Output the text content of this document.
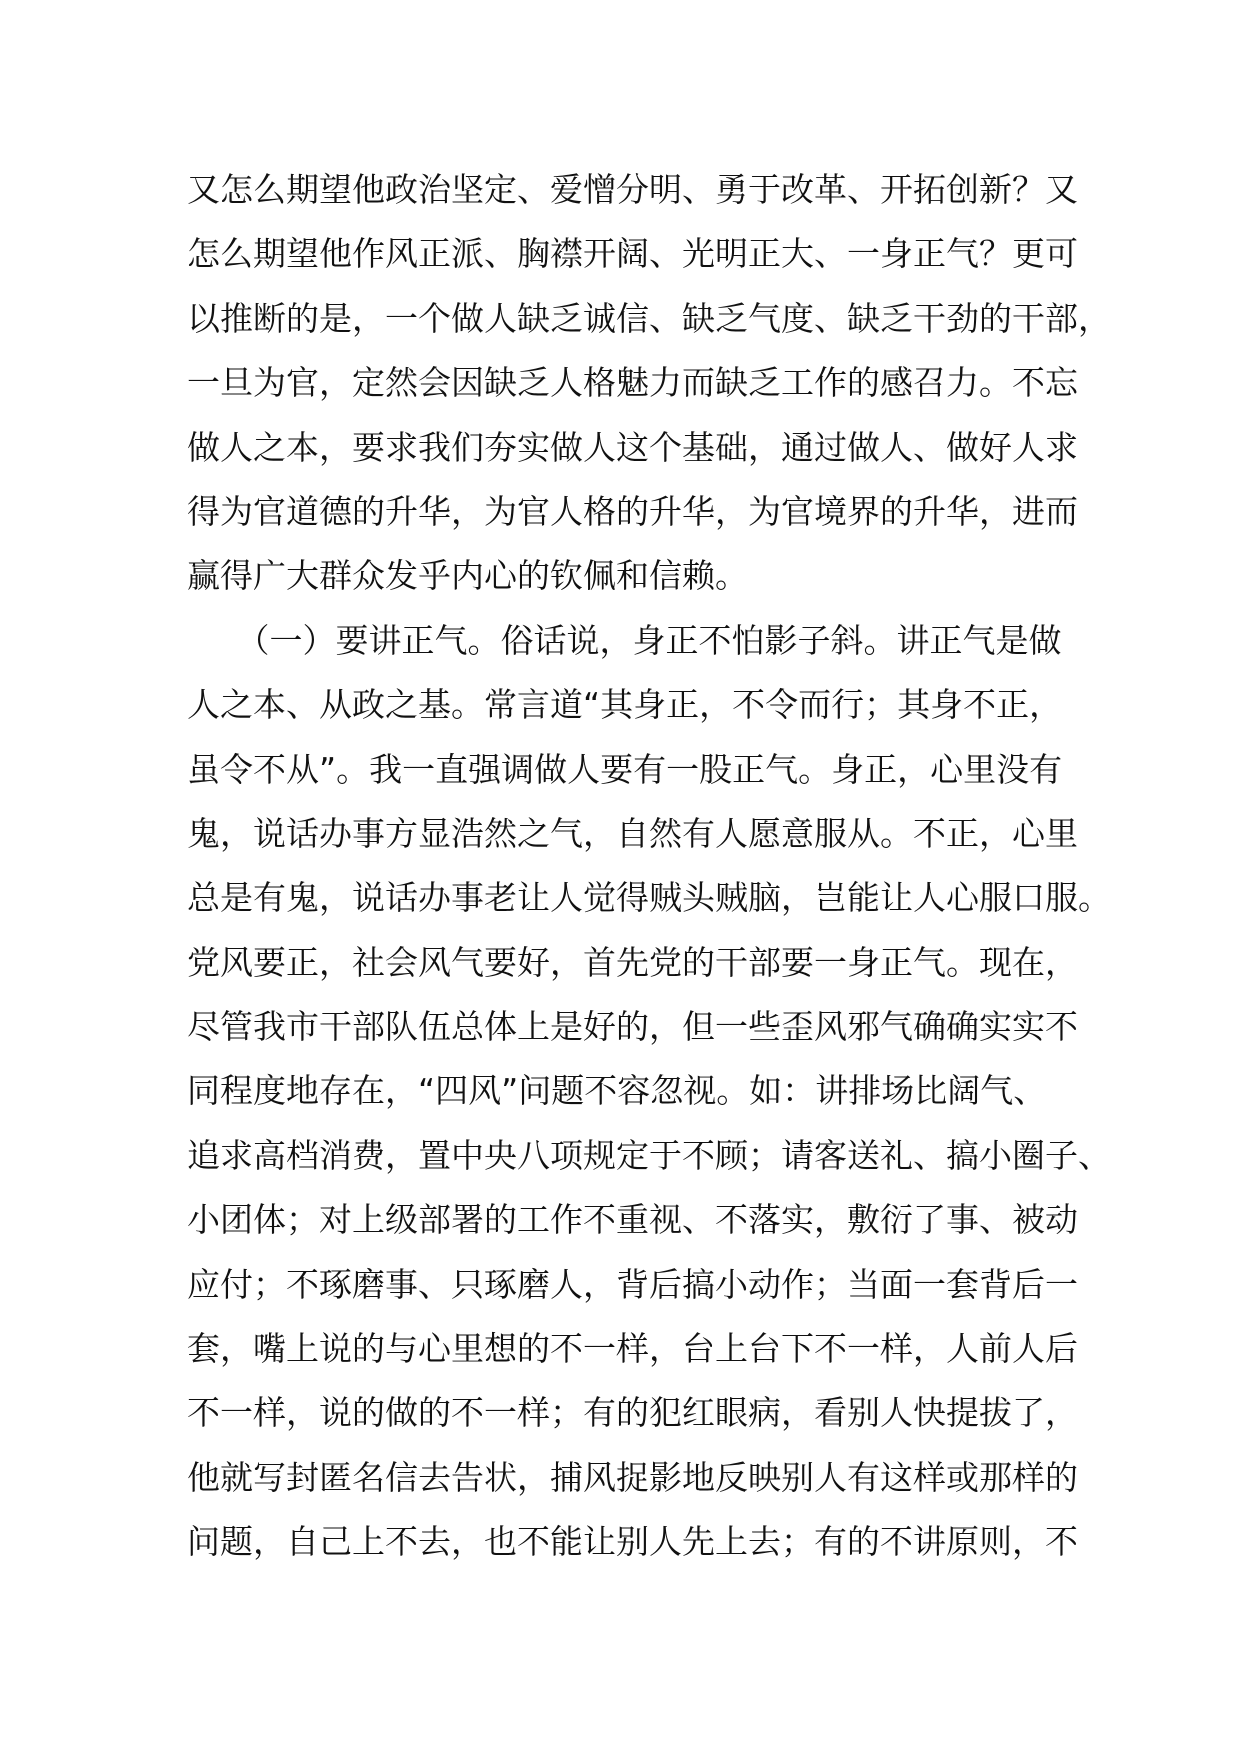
又怎么期望他政治坚定、爱憎分明、勇于改革、开拓创新？又
怎么期望他作风正派、胸襟开阔、光明正大、一身正气？更可
以推断的是，一个做人缺乏诚信、缺乏气度、缺乏干劲的干部，
一旦为官，定然会因缺乏人格魅力而缺乏工作的感召力。不忘
做人之本，要求我们夯实做人这个基础，通过做人、做好人求
得为官道德的升华，为官人格的升华，为官境界的升华，进而
赢得广大群众发乎内心的钦佩和信赖。
　　（一）要讲正气。俗话说，身正不怕影子斜。讲正气是做
人之本、从政之基。常言道“其身正，不令而行；其身不正，
虽令不从”。我一直强调做人要有一股正气。身正，心里没有
鬼，说话办事方显浩然之气，自然有人愿意服从。不正，心里
总是有鬼，说话办事老让人觉得贼头贼脑，岂能让人心服口服。
党风要正，社会风气要好，首先党的干部要一身正气。现在，
尽管我市干部队伍总体上是好的，但一些歪风邪气确确实实不
同程度地存在，“四风”问题不容忽视。如：讲排场比阔气、
追求高档消费，置中央八项规定于不顾；请客送礼、搞小圈子、
小团体；对上级部署的工作不重视、不落实，敷衍了事、被动
应付；不琢磨事、只琢磨人，背后搞小动作；当面一套背后一
套，嘴上说的与心里想的不一样，台上台下不一样，人前人后
不一样，说的做的不一样；有的犯红眼病，看别人快提拔了，
他就写封匿名信去告状，捕风捉影地反映别人有这样或那样的
问题，自己上不去，也不能让别人先上去；有的不讲原则，不
